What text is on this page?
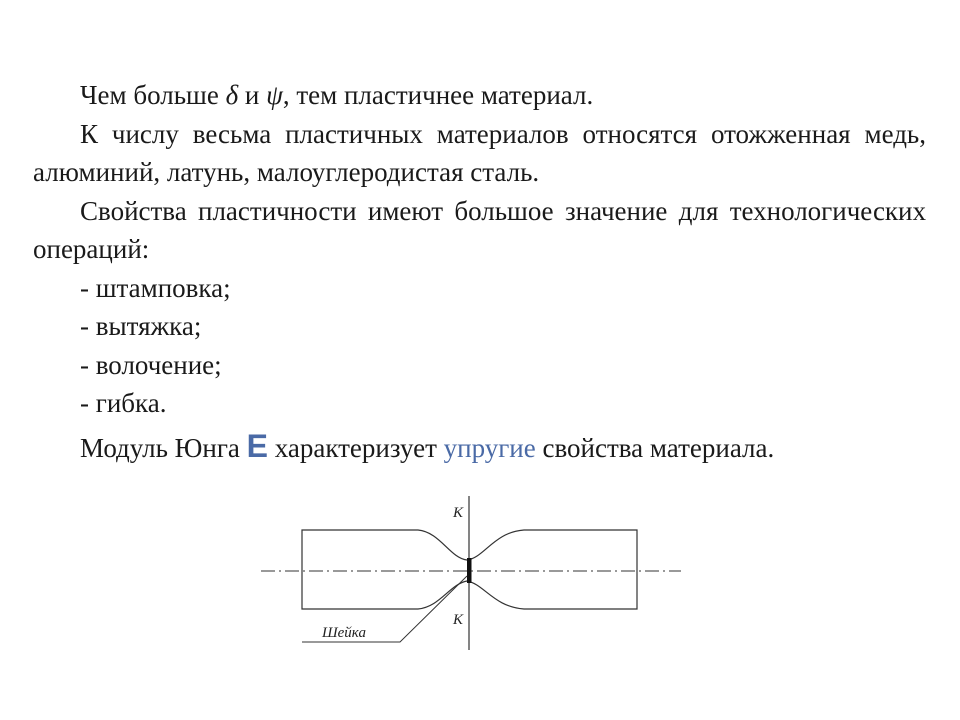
Чем больше δ и ψ, тем пластичнее материал.

К числу весьма пластичных материалов относятся отожженная медь, алюминий, латунь, малоуглеродистая сталь.

Свойства пластичности имеют большое значение для технологических операций:

- штамповка;

- вытяжка;

- волочение;

- гибка.

Модуль Юнга E характеризует упругие свойства материала.

К
К
Шейка
